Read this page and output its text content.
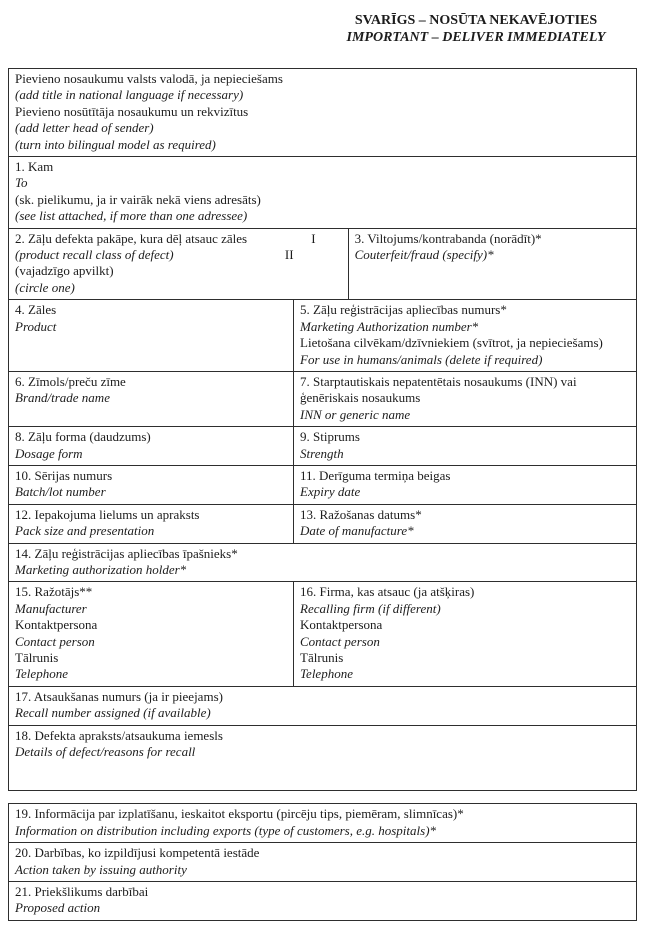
SVARĪGS – NOSŪTA NEKAVĒJOTIES
IMPORTANT – DELIVER IMMEDIATELY
Pievieno nosaukumu valsts valodā, ja nepieciešams
(add title in national language if necessary)
Pievieno nosūtītāja nosaukumu un rekvizītus
(add letter head of sender)
(turn into bilingual model as required)
1. Kam
To
(sk. pielikumu, ja ir vairāk nekā viens adresāts)
(see list attached, if more than one adressee)
2. Zāļu defekta pakāpe, kura dēļ atsauc zāles	I
(product recall class of defect)	II
(vajadzīgo apvilkt)
(circle one)
3. Viltojums/kontrabanda (norādīt)*
Couterfeit/fraud (specify)*
4. Zāles
Product
5. Zāļu reģistrācijas apliecības numurs*
Marketing Authorization number*
Lietošana cilvēkam/dzīvniekiem (svītrot, ja nepieciešams)
For use in humans/animals (delete if required)
6. Zīmols/preču zīme
Brand/trade name
7. Starptautiskais nepatentētais nosaukums (INN) vai ģenēriskais nosaukums
INN or generic name
8. Zāļu forma (daudzums)
Dosage form
9. Stiprums
Strength
10. Sērijas numurs
Batch/lot number
11. Derīguma termiņa beigas
Expiry date
12. Iepakojuma lielums un apraksts
Pack size and presentation
13. Ražošanas datums*
Date of manufacture*
14. Zāļu reģistrācijas apliecības īpašnieks*
Marketing authorization holder*
15. Ražotājs**
Manufacturer
Kontaktpersona
Contact person
Tālrunis
Telephone
16. Firma, kas atsauc (ja atšķiras)
Recalling firm (if different)
Kontaktpersona
Contact person
Tālrunis
Telephone
17. Atsaukšanas numurs (ja ir pieejams)
Recall number assigned (if available)
18. Defekta apraksts/atsaukuma iemesls
Details of defect/reasons for recall
19. Informācija par izplatīšanu, ieskaitot eksportu (pircēju tips, piemēram, slimnīcas)*
Information on distribution including exports (type of customers, e.g. hospitals)*
20. Darbības, ko izpildījusi kompetentā iestāde
Action taken by issuing authority
21. Priekšlikums darbībai
Proposed action
